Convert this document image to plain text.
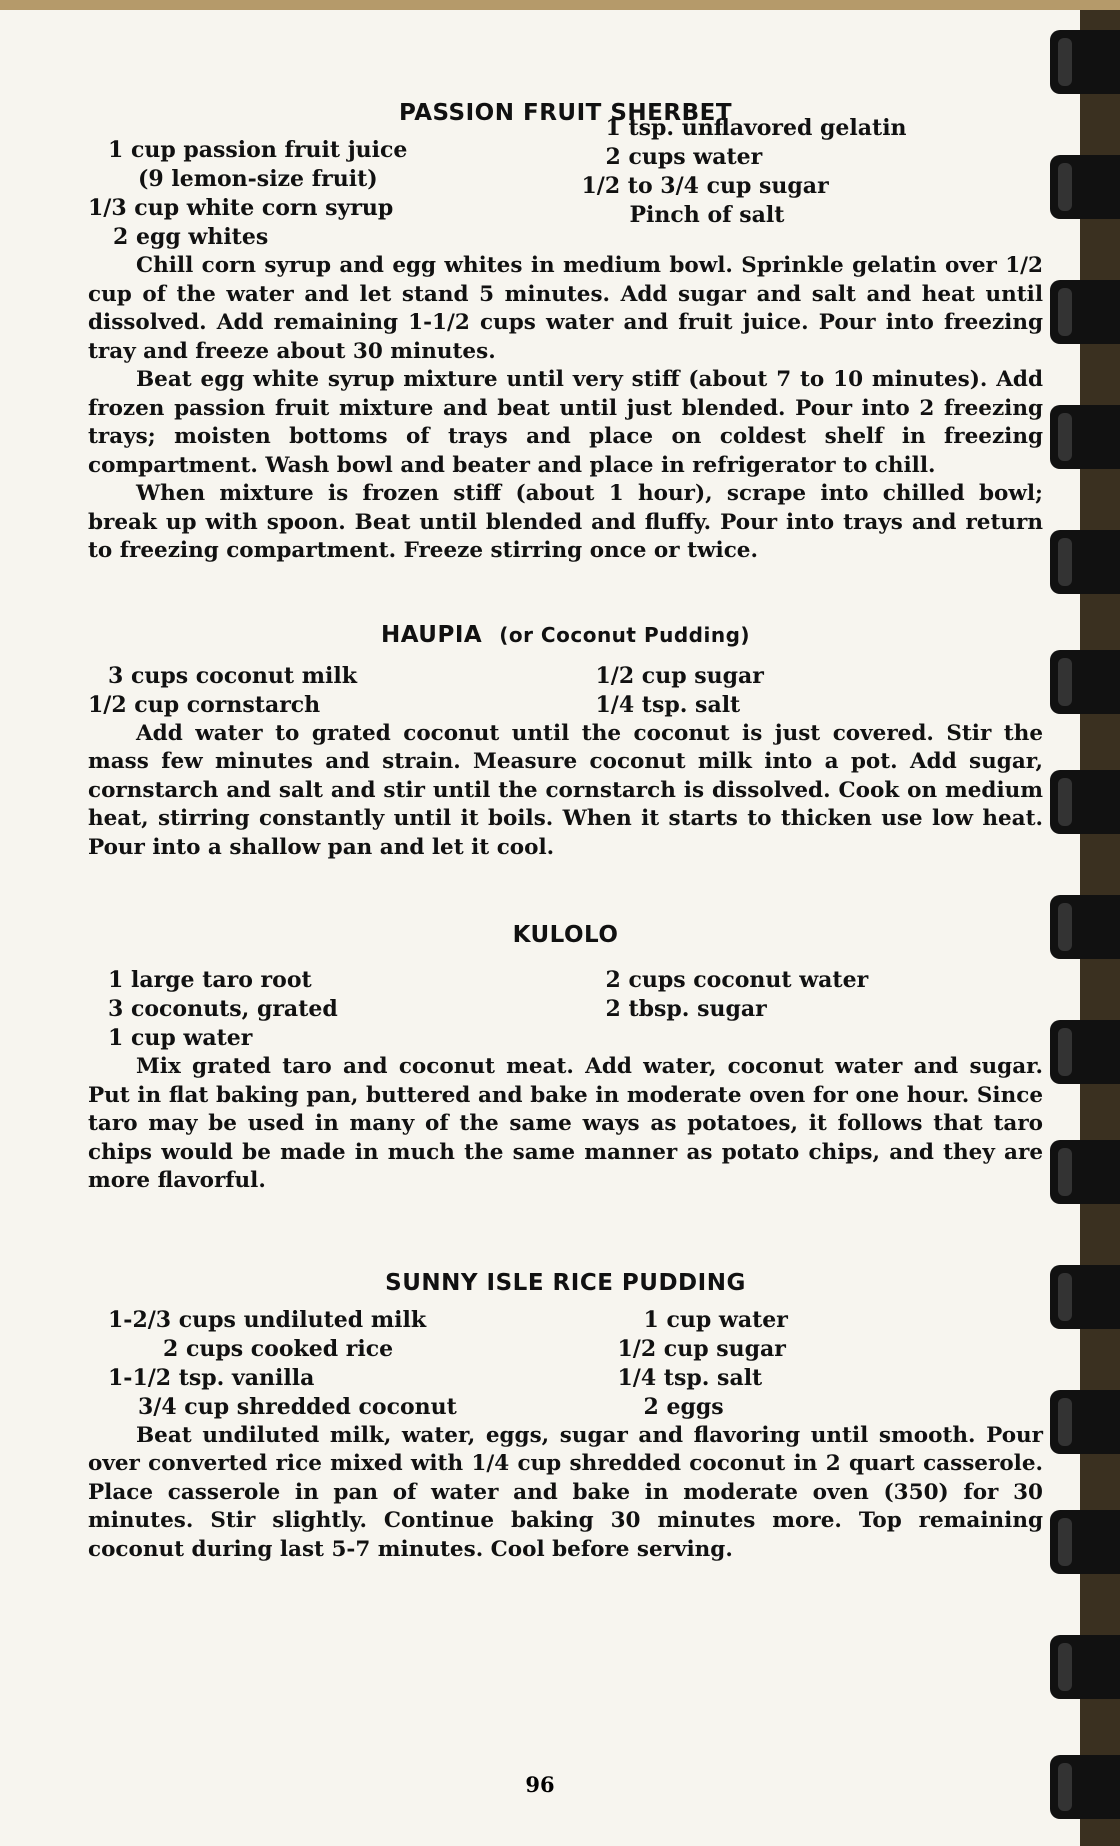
PASSION FRUIT SHERBET
1 cup passion fruit juice
(9 lemon-size fruit)
1/3 cup white corn syrup
2 egg whites
1 tsp. unflavored gelatin
2 cups water
1/2 to 3/4 cup sugar
Pinch of salt

Chill corn syrup and egg whites in medium bowl. Sprinkle gelatin over 1/2 cup of the water and let stand 5 minutes. Add sugar and salt and heat until dissolved. Add remaining 1-1/2 cups water and fruit juice. Pour into freezing tray and freeze about 30 minutes.

Beat egg white syrup mixture until very stiff (about 7 to 10 minutes). Add frozen passion fruit mixture and beat until just blended. Pour into 2 freezing trays; moisten bottoms of trays and place on coldest shelf in freezing compartment. Wash bowl and beater and place in refrigerator to chill.

When mixture is frozen stiff (about 1 hour), scrape into chilled bowl; break up with spoon. Beat until blended and fluffy. Pour into trays and return to freezing compartment. Freeze stirring once or twice.

HAUPIA (or Coconut Pudding)
3 cups coconut milk
1/2 cup cornstarch
1/2 cup sugar
1/4 tsp. salt

Add water to grated coconut until the coconut is just covered. Stir the mass few minutes and strain. Measure coconut milk into a pot. Add sugar, cornstarch and salt and stir until the cornstarch is dissolved. Cook on medium heat, stirring constantly until it boils. When it starts to thicken use low heat. Pour into a shallow pan and let it cool.

KULOLO
1 large taro root
3 coconuts, grated
1 cup water
2 cups coconut water
2 tbsp. sugar

Mix grated taro and coconut meat. Add water, coconut water and sugar. Put in flat baking pan, buttered and bake in moderate oven for one hour. Since taro may be used in many of the same ways as potatoes, it follows that taro chips would be made in much the same manner as potato chips, and they are more flavorful.

SUNNY ISLE RICE PUDDING
1-2/3 cups undiluted milk
2 cups cooked rice
1-1/2 tsp. vanilla
3/4 cup shredded coconut
1 cup water
1/2 cup sugar
1/4 tsp. salt
2 eggs

Beat undiluted milk, water, eggs, sugar and flavoring until smooth. Pour over converted rice mixed with 1/4 cup shredded coconut in 2 quart casserole. Place casserole in pan of water and bake in moderate oven (350) for 30 minutes. Stir slightly. Continue baking 30 minutes more. Top remaining coconut during last 5-7 minutes. Cool before serving.

96
